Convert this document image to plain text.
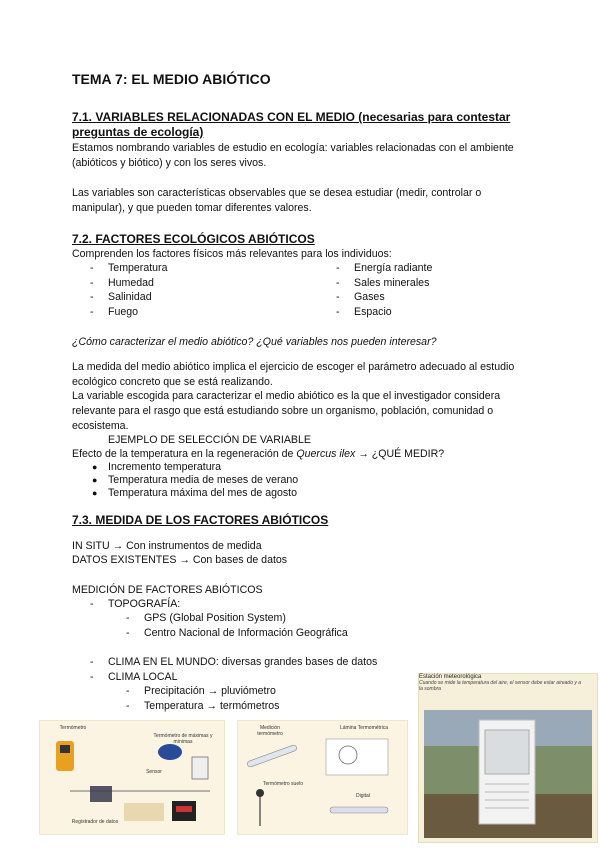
TEMA 7: EL MEDIO ABIÓTICO
7.1. VARIABLES RELACIONADAS CON EL MEDIO (necesarias para contestar preguntas de ecología)
Estamos nombrando variables de estudio en ecología: variables relacionadas con el ambiente (abióticos y biótico) y con los seres vivos.
Las variables son características observables que se desea estudiar (medir, controlar o manipular), y que pueden tomar diferentes valores.
7.2. FACTORES ECOLÓGICOS ABIÓTICOS
Comprenden los factores físicos más relevantes para los individuos:
- Temperatura
- Humedad
- Salinidad
- Fuego
- Energía radiante
- Sales minerales
- Gases
- Espacio
¿Cómo caracterizar el medio abiótico? ¿Qué variables nos pueden interesar?
La medida del medio abiótico implica el ejercicio de escoger el parámetro adecuado al estudio ecológico concreto que se está realizando.
La variable escogida para caracterizar el medio abiótico es la que el investigador considera relevante para el rasgo que está estudiando sobre un organismo, población, comunidad o ecosistema.
EJEMPLO DE SELECCIÓN DE VARIABLE
Efecto de la temperatura en la regeneración de Quercus ilex → ¿QUÉ MEDIR?
● Incremento temperatura
● Temperatura media de meses de verano
● Temperatura máxima del mes de agosto
7.3. MEDIDA DE LOS FACTORES ABIÓTICOS
IN SITU → Con instrumentos de medida
DATOS EXISTENTES → Con bases de datos
MEDICIÓN DE FACTORES ABIÓTICOS
- TOPOGRAFÍA:
- GPS (Global Position System)
- Centro Nacional de Información Geográfica
- CLIMA EN EL MUNDO: diversas grandes bases de datos
- CLIMA LOCAL
- Precipitación → pluviómetro
- Temperatura → termómetros
Termómetro
Termómetro de máximas y mínimas
Sensor
Registrador de datos
Medición termómetro
Lámina Termométrica
Termómetro suelo
Digital
Estación meteorológica
Cuando se mide la temperatura del aire, el sensor debe estar aireado y a la sombra
